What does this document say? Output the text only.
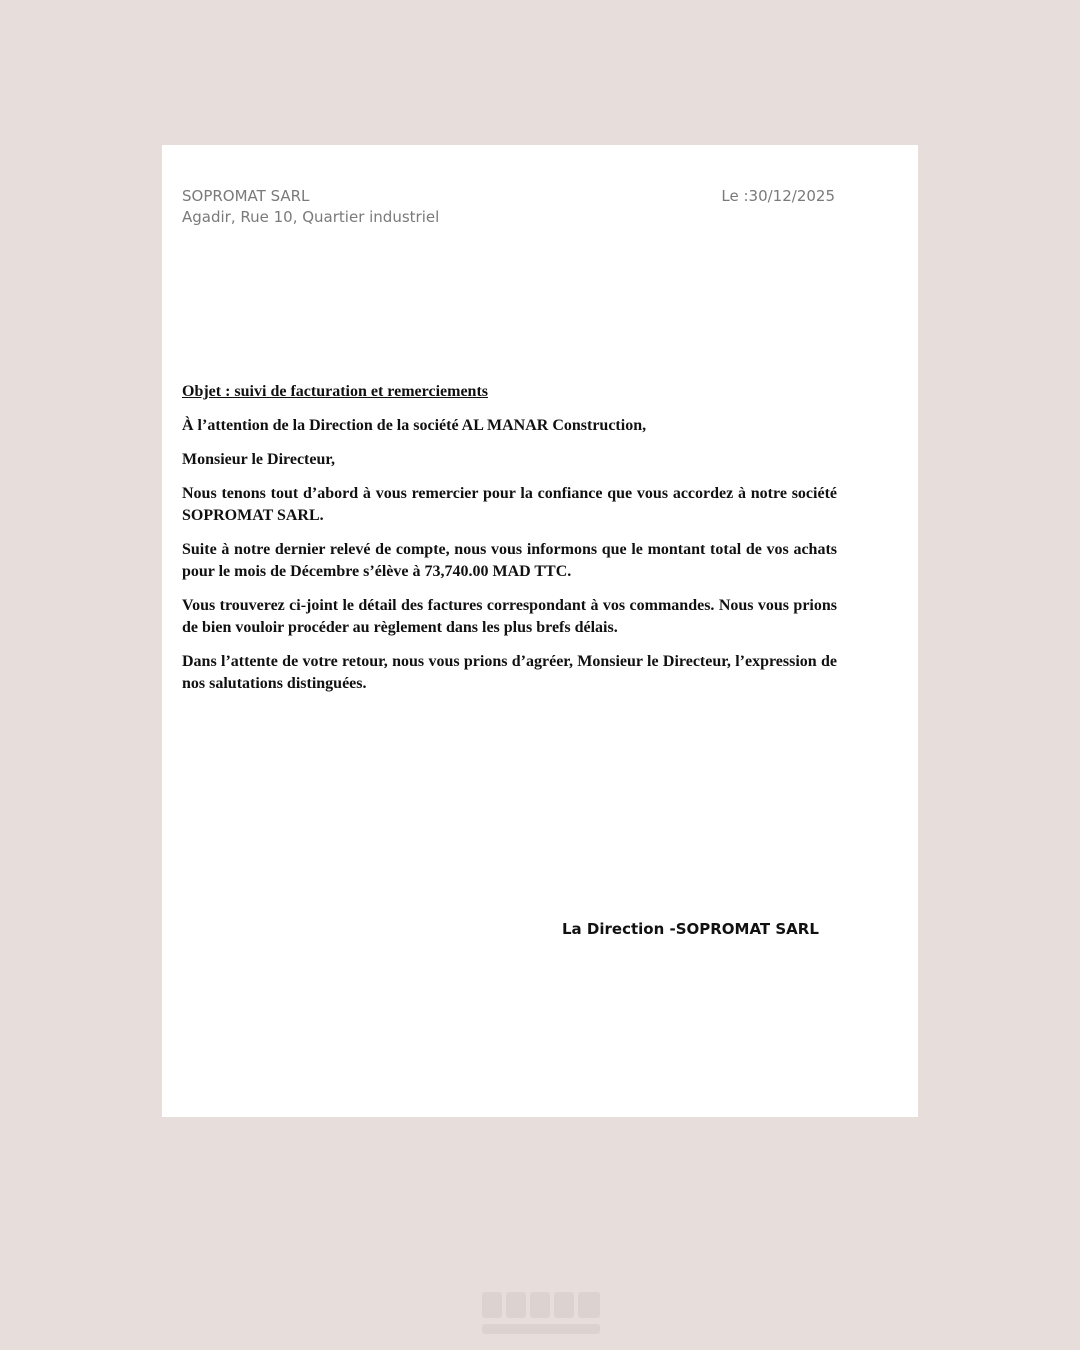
SOPROMAT SARL
Agadir, Rue 10, Quartier industriel
Le :30/12/2025

Objet : suivi de facturation et remerciements

À l’attention de la Direction de la société AL MANAR Construction,

Monsieur le Directeur,

Nous tenons tout d’abord à vous remercier pour la confiance que vous accordez à notre société SOPROMAT SARL.

Suite à notre dernier relevé de compte, nous vous informons que le montant total de vos achats pour le mois de Décembre s’élève à 73,740.00 MAD TTC.

Vous trouverez ci-joint le détail des factures correspondant à vos commandes. Nous vous prions de bien vouloir procéder au règlement dans les plus brefs délais.

Dans l’attente de votre retour, nous vous prions d’agréer, Monsieur le Directeur, l’expression de nos salutations distinguées.

La Direction -SOPROMAT SARL
